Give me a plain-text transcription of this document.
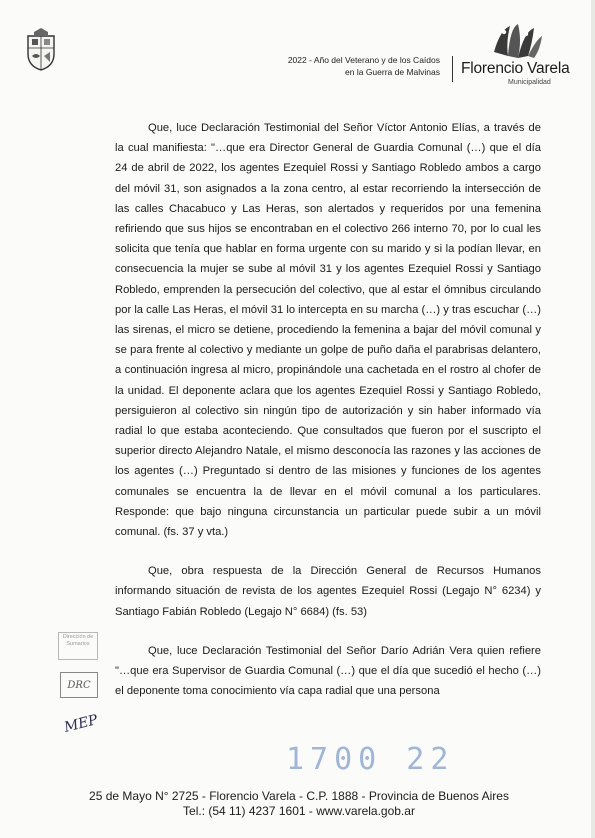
2022 - Año del Veterano y de los Caídos
en la Guerra de Malvinas Florencio Varela
Municipalidad

Que, luce Declaración Testimonial del Señor Víctor Antonio Elías, a través de la cual manifiesta: "…que era Director General de Guardia Comunal (…) que el día 24 de abril de 2022, los agentes Ezequiel Rossi y Santiago Robledo ambos a cargo del móvil 31, son asignados a la zona centro, al estar recorriendo la intersección de las calles Chacabuco y Las Heras, son alertados y requeridos por una femenina refiriendo que sus hijos se encontraban en el colectivo 266 interno 70, por lo cual les solicita que tenía que hablar en forma urgente con su marido y si la podían llevar, en consecuencia la mujer se sube al móvil 31 y los agentes Ezequiel Rossi y Santiago Robledo, emprenden la persecución del colectivo, que al estar el ómnibus circulando por la calle Las Heras, el móvil 31 lo intercepta en su marcha (…) y tras escuchar (…) las sirenas, el micro se detiene, procediendo la femenina a bajar del móvil comunal y se para frente al colectivo y mediante un golpe de puño daña el parabrisas delantero, a continuación ingresa al micro, propinándole una cachetada en el rostro al chofer de la unidad. El deponente aclara que los agentes Ezequiel Rossi y Santiago Robledo, persiguieron al colectivo sin ningún tipo de autorización y sin haber informado vía radial lo que estaba aconteciendo. Que consultados que fueron por el suscripto el superior directo Alejandro Natale, el mismo desconocía las razones y las acciones de los agentes (…) Preguntado si dentro de las misiones y funciones de los agentes comunales se encuentra la de llevar en el móvil comunal a los particulares. Responde: que bajo ninguna circunstancia un particular puede subir a un móvil comunal. (fs. 37 y vta.)

Que, obra respuesta de la Dirección General de Recursos Humanos informando situación de revista de los agentes Ezequiel Rossi (Legajo N° 6234) y Santiago Fabián Robledo (Legajo N° 6684) (fs. 53)

Que, luce Declaración Testimonial del Señor Darío Adrián Vera quien refiere "…que era Supervisor de Guardia Comunal (…) que el día que sucedió el hecho (…) el deponente toma conocimiento vía capa radial que una persona

Dirección de Sumarios
DRC
MEP
1700 22
25 de Mayo N° 2725 - Florencio Varela - C.P. 1888 - Provincia de Buenos Aires
Tel.: (54 11) 4237 1601 - www.varela.gob.ar
